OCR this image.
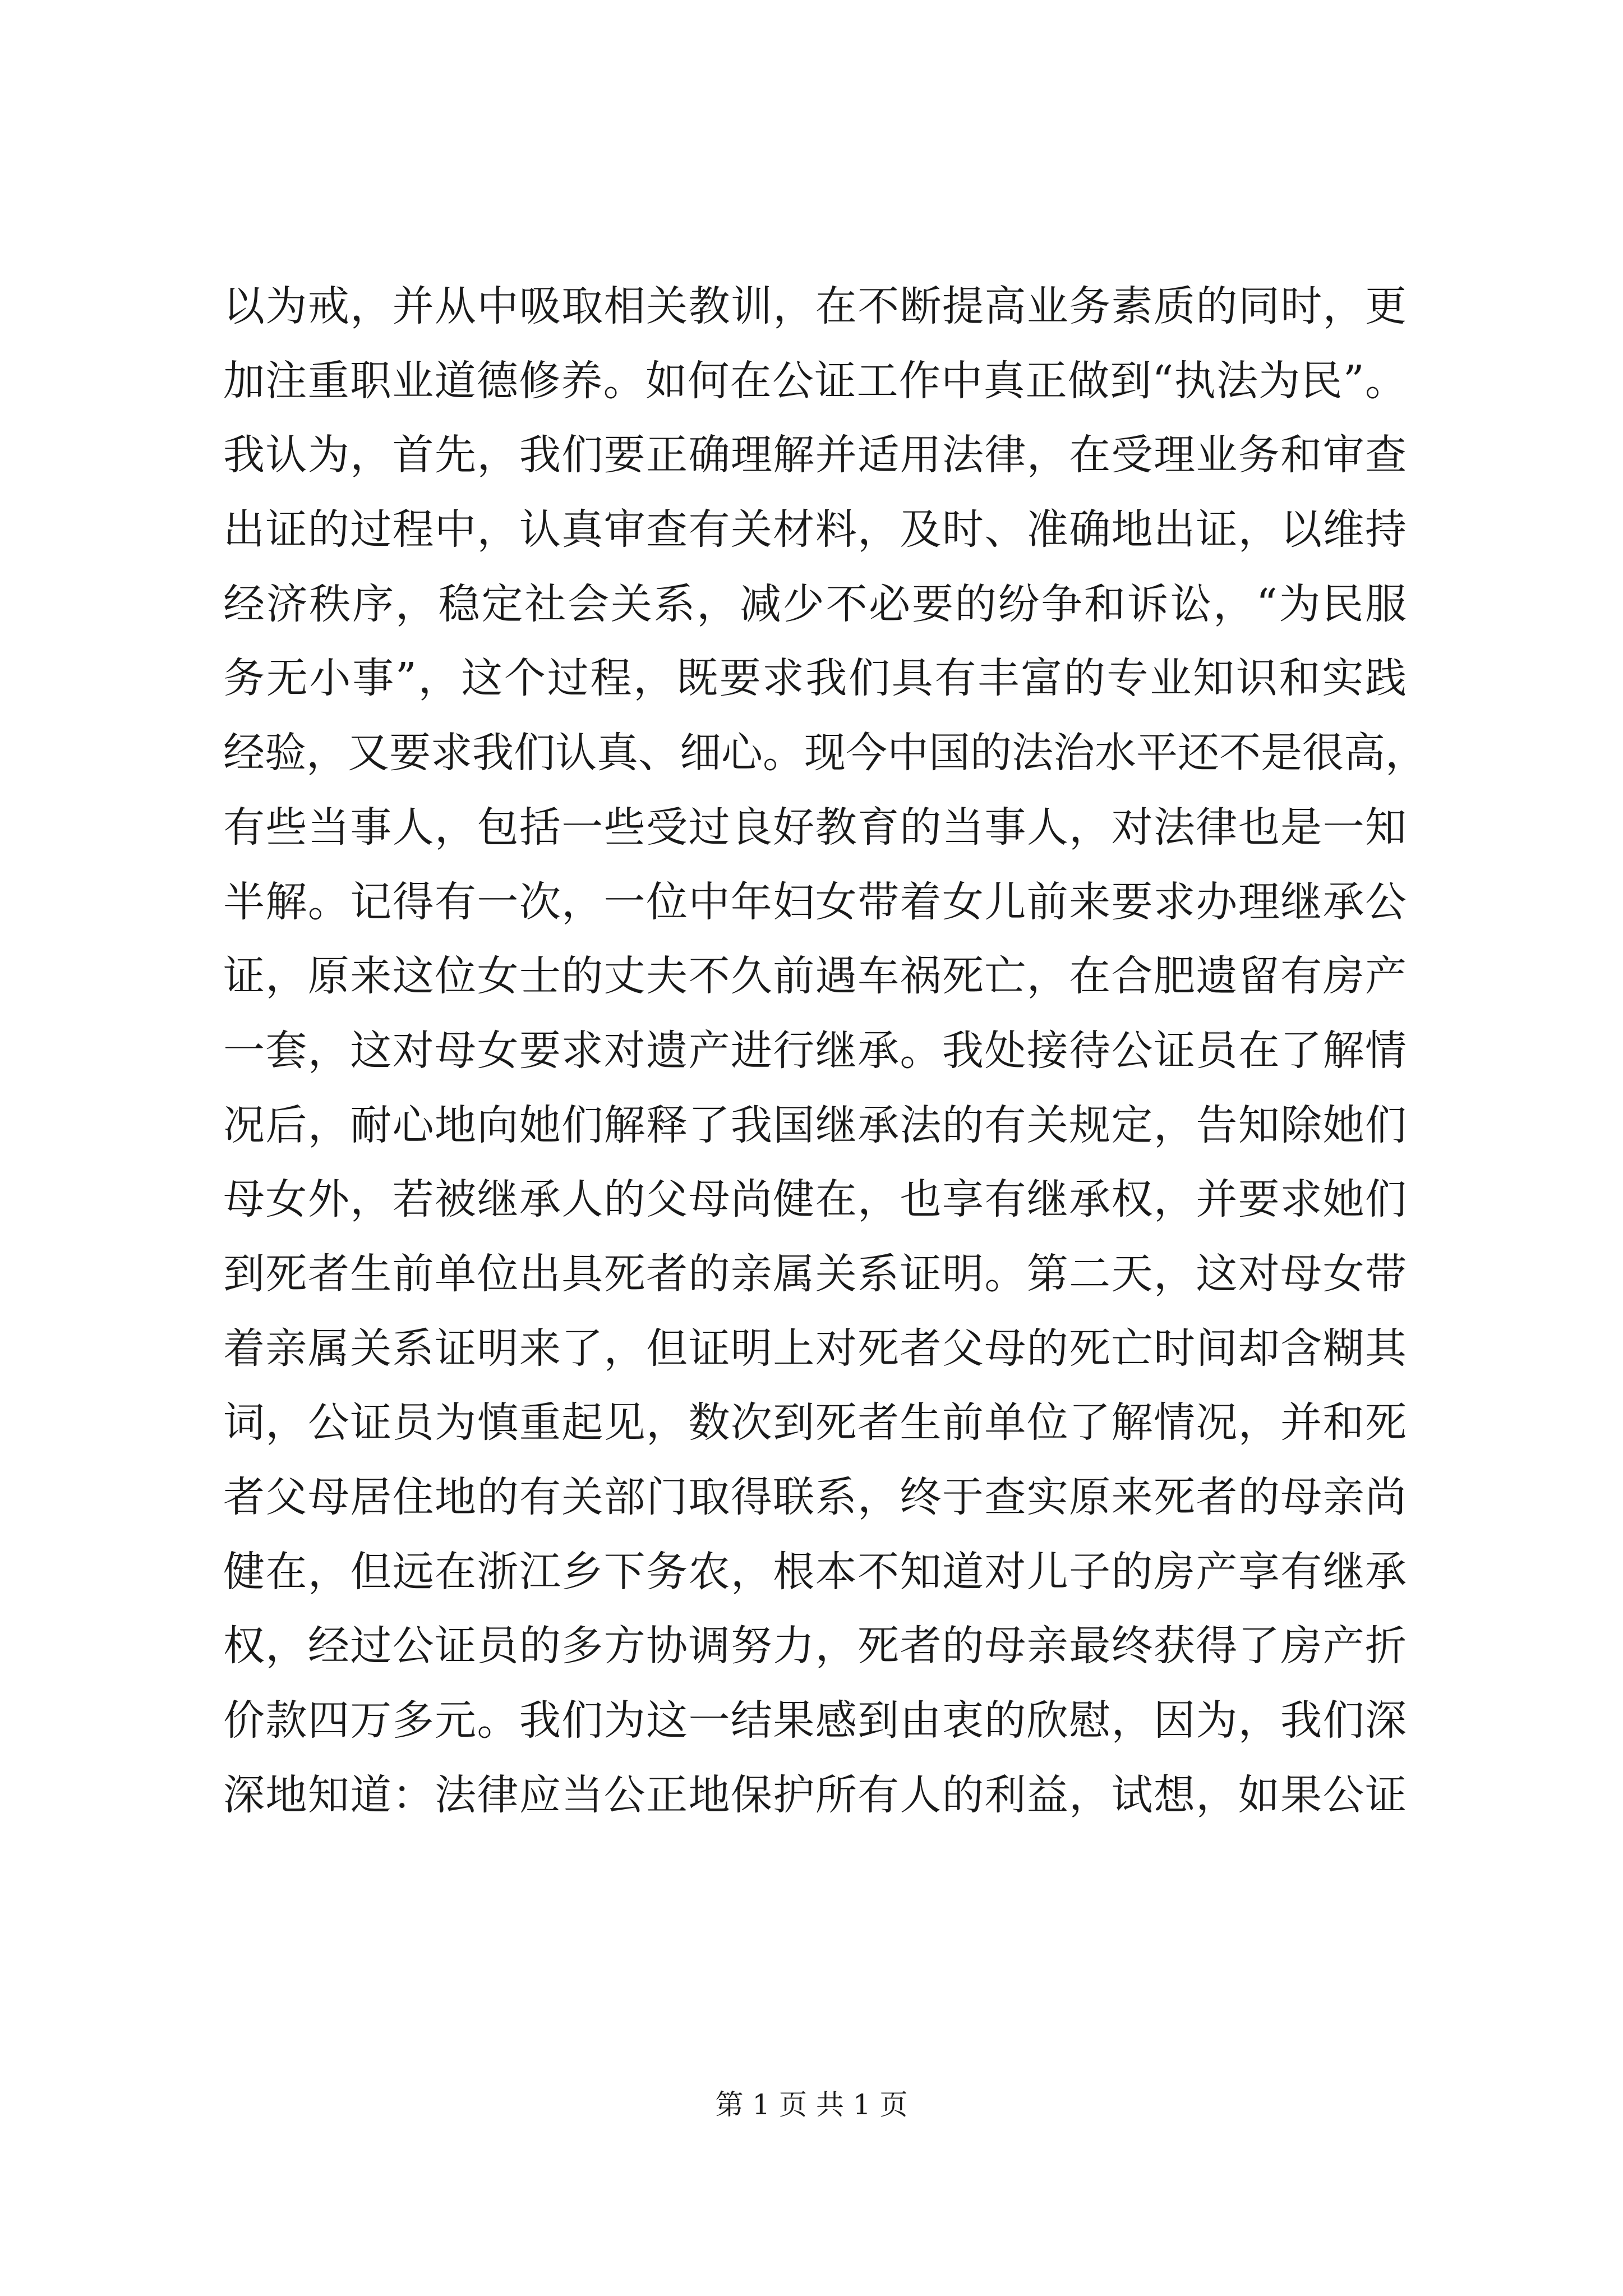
以为戒，并从中吸取相关教训，在不断提高业务素质的同时，更
加注重职业道德修养。如何在公证工作中真正做到“执法为民”。
我认为，首先，我们要正确理解并适用法律，在受理业务和审查
出证的过程中，认真审查有关材料，及时、准确地出证，以维持
经济秩序，稳定社会关系，减少不必要的纷争和诉讼，“为民服
务无小事”，这个过程，既要求我们具有丰富的专业知识和实践
经验，又要求我们认真、细心。现今中国的法治水平还不是很高，
有些当事人，包括一些受过良好教育的当事人，对法律也是一知
半解。记得有一次，一位中年妇女带着女儿前来要求办理继承公
证，原来这位女士的丈夫不久前遇车祸死亡，在合肥遗留有房产
一套，这对母女要求对遗产进行继承。我处接待公证员在了解情
况后，耐心地向她们解释了我国继承法的有关规定，告知除她们
母女外，若被继承人的父母尚健在，也享有继承权，并要求她们
到死者生前单位出具死者的亲属关系证明。第二天，这对母女带
着亲属关系证明来了，但证明上对死者父母的死亡时间却含糊其
词，公证员为慎重起见，数次到死者生前单位了解情况，并和死
者父母居住地的有关部门取得联系，终于查实原来死者的母亲尚
健在，但远在浙江乡下务农，根本不知道对儿子的房产享有继承
权，经过公证员的多方协调努力，死者的母亲最终获得了房产折
价款四万多元。我们为这一结果感到由衷的欣慰，因为，我们深
深地知道：法律应当公正地保护所有人的利益，试想，如果公证
第 1 页 共 1 页
